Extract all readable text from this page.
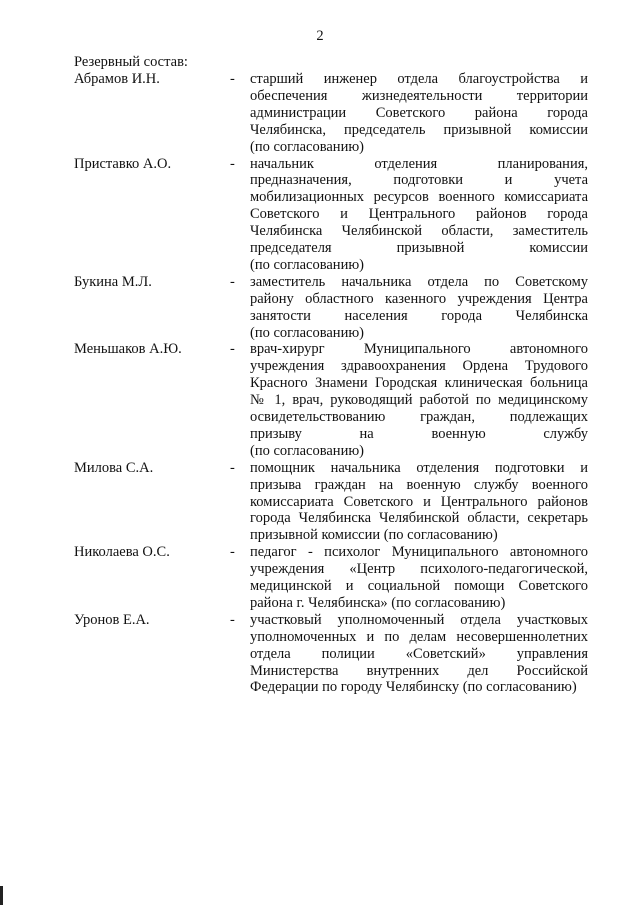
2
Резервный состав:
Абрамов И.Н.	- старший инженер отдела благоустройства и
обеспечения жизнедеятельности территории
администрации Советского района города
Челябинска, председатель призывной комиссии
(по согласованию)
Приставко А.О.	- начальник отделения планирования,
предназначения, подготовки и учета
мобилизационных ресурсов военного комиссариата
Советского и Центрального районов города
Челябинска Челябинской области, заместитель
председателя призывной комиссии
(по согласованию)
Букина М.Л.	- заместитель начальника отдела по Советскому
району областного казенного учреждения Центра
занятости населения города Челябинска
(по согласованию)
Меньшаков А.Ю.	- врач-хирург Муниципального автономного
учреждения здравоохранения Ордена Трудового
Красного Знамени Городская клиническая больница
№ 1, врач, руководящий работой по медицинскому
освидетельствованию граждан, подлежащих
призыву на военную службу
(по согласованию)
Милова С.А.	- помощник начальника отделения подготовки и
призыва граждан на военную службу военного
комиссариата Советского и Центрального районов
города Челябинска Челябинской области, секретарь
призывной комиссии (по согласованию)
Николаева О.С.	- педагог - психолог Муниципального автономного
учреждения «Центр психолого-педагогической,
медицинской и социальной помощи Советского
района г. Челябинска» (по согласованию)
Уронов Е.А.	- участковый уполномоченный отдела участковых
уполномоченных и по делам несовершеннолетних
отдела полиции «Советский» управления
Министерства внутренних дел Российской
Федерации по городу Челябинску (по согласованию)
